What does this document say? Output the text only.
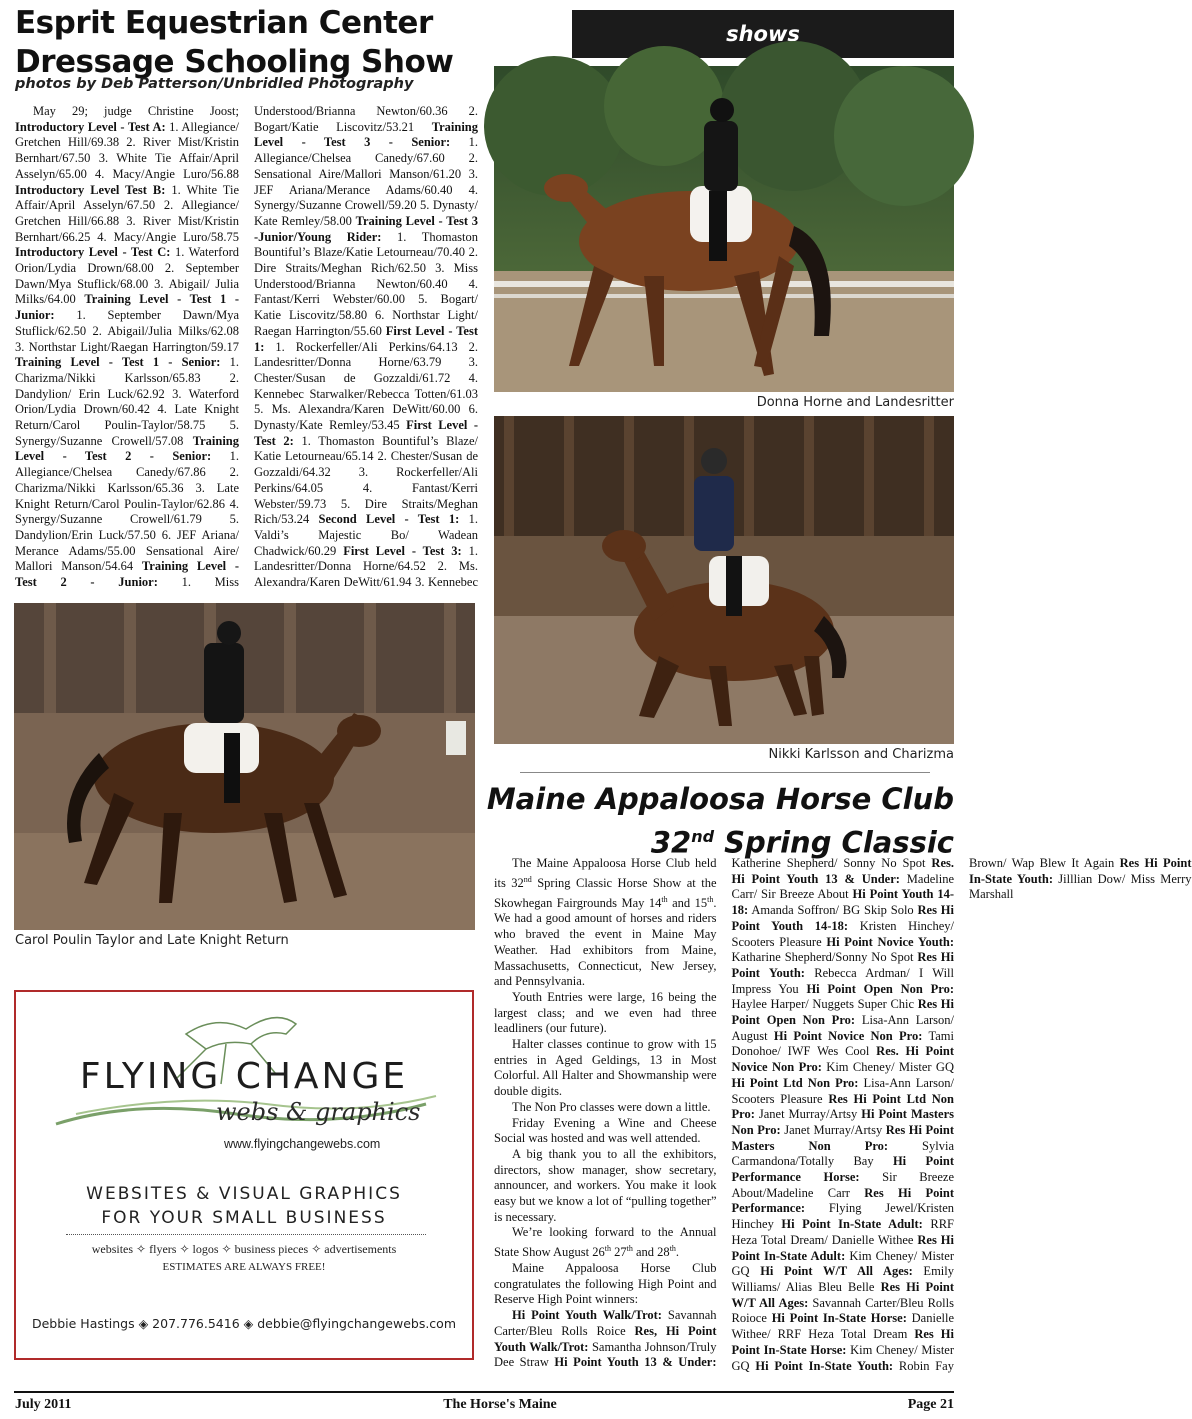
Esprit Equestrian Center
Dressage Schooling Show
photos by Deb Patterson/Unbridled Photography
shows

May 29; judge Christine Joost; Introductory Level - Test A: 1. Allegiance/ Gretchen Hill/69.38 2. River Mist/Kristin Bernhart/67.50 3. White Tie Affair/April Asselyn/65.00 4. Macy/Angie Luro/56.88 Introductory Level Test B: 1. White Tie Affair/April Asselyn/67.50 2. Allegiance/ Gretchen Hill/66.88 3. River Mist/Kristin Bernhart/66.25 4. Macy/Angie Luro/58.75 Introductory Level - Test C: 1. Waterford Orion/Lydia Drown/68.00 2. September Dawn/Mya Stuflick/68.00 3. Abigail/ Julia Milks/64.00 Training Level - Test 1 - Junior: 1. September Dawn/Mya Stuflick/62.50 2. Abigail/Julia Milks/62.08 3. Northstar Light/Raegan Harrington/59.17 Training Level - Test 1 - Senior: 1. Charizma/Nikki Karlsson/65.83 2. Dandylion/ Erin Luck/62.92 3. Waterford Orion/Lydia Drown/60.42 4. Late Knight Return/Carol Poulin-Taylor/58.75 5. Synergy/Suzanne Crowell/57.08 Training Level - Test 2 - Senior: 1. Allegiance/Chelsea Canedy/67.86 2. Charizma/Nikki Karlsson/65.36 3. Late Knight Return/Carol Poulin-Taylor/62.86 4. Synergy/Suzanne Crowell/61.79 5. Dandylion/Erin Luck/57.50 6. JEF Ariana/ Merance Adams/55.00 Sensational Aire/ Mallori Manson/54.64 Training Level - Test 2 - Junior: 1. Miss Understood/Brianna Newton/60.36 2. Bogart/Katie Liscovitz/53.21 Training Level - Test 3 - Senior: 1. Allegiance/Chelsea Canedy/67.60 2. Sensational Aire/Mallori Manson/61.20 3. JEF Ariana/Merance Adams/60.40 4. Synergy/Suzanne Crowell/59.20 5. Dynasty/ Kate Remley/58.00 Training Level - Test 3 -Junior/Young Rider: 1. Thomaston Bountiful’s Blaze/Katie Letourneau/70.40 2. Dire Straits/Meghan Rich/62.50 3. Miss Understood/Brianna Newton/60.40 4. Fantast/Kerri Webster/60.00 5. Bogart/ Katie Liscovitz/58.80 6. Northstar Light/ Raegan Harrington/55.60 First Level - Test 1: 1. Rockerfeller/Ali Perkins/64.13 2. Landesritter/Donna Horne/63.79 3. Chester/Susan de Gozzaldi/61.72 4. Kennebec Starwalker/Rebecca Totten/61.03 5. Ms. Alexandra/Karen DeWitt/60.00 6. Dynasty/Kate Remley/53.45 First Level - Test 2: 1. Thomaston Bountiful’s Blaze/ Katie Letourneau/65.14 2. Chester/Susan de Gozzaldi/64.32 3. Rockerfeller/Ali Perkins/64.05 4. Fantast/Kerri Webster/59.73 5. Dire Straits/Meghan Rich/53.24 Second Level - Test 1: 1. Valdi’s Majestic Bo/ Wadean Chadwick/60.29 First Level - Test 3: 1. Landesritter/Donna Horne/64.52 2. Ms. Alexandra/Karen DeWitt/61.94 3. Kennebec

Donna Horne and Landesritter
Nikki Karlsson and Charizma
Carol Poulin Taylor and Late Knight Return
Maine Appaloosa Horse Club
32nd Spring Classic

The Maine Appaloosa Horse Club held its 32nd Spring Classic Horse Show at the Skowhegan Fairgrounds May 14th and 15th. We had a good amount of horses and riders who braved the event in Maine May Weather. Had exhibitors from Maine, Massachusetts, Connecticut, New Jersey, and Pennsylvania.

Youth Entries were large, 16 being the largest class; and we even had three leadliners (our future).

Halter classes continue to grow with 15 entries in Aged Geldings, 13 in Most Colorful. All Halter and Showmanship were double digits.

The Non Pro classes were down a little.

Friday Evening a Wine and Cheese Social was hosted and was well attended.

A big thank you to all the exhibitors, directors, show manager, show secretary, announcer, and workers. You make it look easy but we know a lot of “pulling together” is necessary.

We’re looking forward to the Annual State Show August 26th 27th and 28th.

Maine Appaloosa Horse Club congratulates the following High Point and Reserve High Point winners:

Hi Point Youth Walk/Trot: Savannah Carter/Bleu Rolls Roice Res, Hi Point Youth Walk/Trot: Samantha Johnson/Truly Dee Straw Hi Point Youth 13 & Under: Katherine Shepherd/ Sonny No Spot Res. Hi Point Youth 13 & Under: Madeline Carr/ Sir Breeze About Hi Point Youth 14-18: Amanda Soffron/ BG Skip Solo Res Hi Point Youth 14-18: Kristen Hinchey/ Scooters Pleasure Hi Point Novice Youth: Katharine Shepherd/Sonny No Spot Res Hi Point Youth: Rebecca Ardman/ I Will Impress You Hi Point Open Non Pro: Haylee Harper/ Nuggets Super Chic Res Hi Point Open Non Pro: Lisa-Ann Larson/ August Hi Point Novice Non Pro: Tami Donohoe/ IWF Wes Cool Res. Hi Point Novice Non Pro: Kim Cheney/ Mister GQ Hi Point Ltd Non Pro: Lisa-Ann Larson/ Scooters Pleasure Res Hi Point Ltd Non Pro: Janet Murray/Artsy Hi Point Masters Non Pro: Janet Murray/Artsy Res Hi Point Masters Non Pro: Sylvia Carmandona/Totally Bay Hi Point Performance Horse: Sir Breeze About/Madeline Carr Res Hi Point Performance: Flying Jewel/Kristen Hinchey Hi Point In-State Adult: RRF Heza Total Dream/ Danielle Withee Res Hi Point In-State Adult: Kim Cheney/ Mister GQ Hi Point W/T All Ages: Emily Williams/ Alias Bleu Belle Res Hi Point W/T All Ages: Savannah Carter/Bleu Rolls Roioce Hi Point In-State Horse: Danielle Withee/ RRF Heza Total Dream Res Hi Point In-State Horse: Kim Cheney/ Mister GQ Hi Point In-State Youth: Robin Fay Brown/ Wap Blew It Again Res Hi Point In-State Youth: Jilllian Dow/ Miss Merry Marshall

FLYING CHANGE
webs & graphics
www.flyingchangewebs.com
WEBSITES & VISUAL GRAPHICS
FOR YOUR SMALL BUSINESS
websites ✧ flyers ✧ logos ✧ business pieces ✧ advertisements
ESTIMATES ARE ALWAYS FREE!
Debbie Hastings ◈ 207.776.5416 ◈ debbie@flyingchangewebs.com
July 2011	The Horse's Maine	Page 21
